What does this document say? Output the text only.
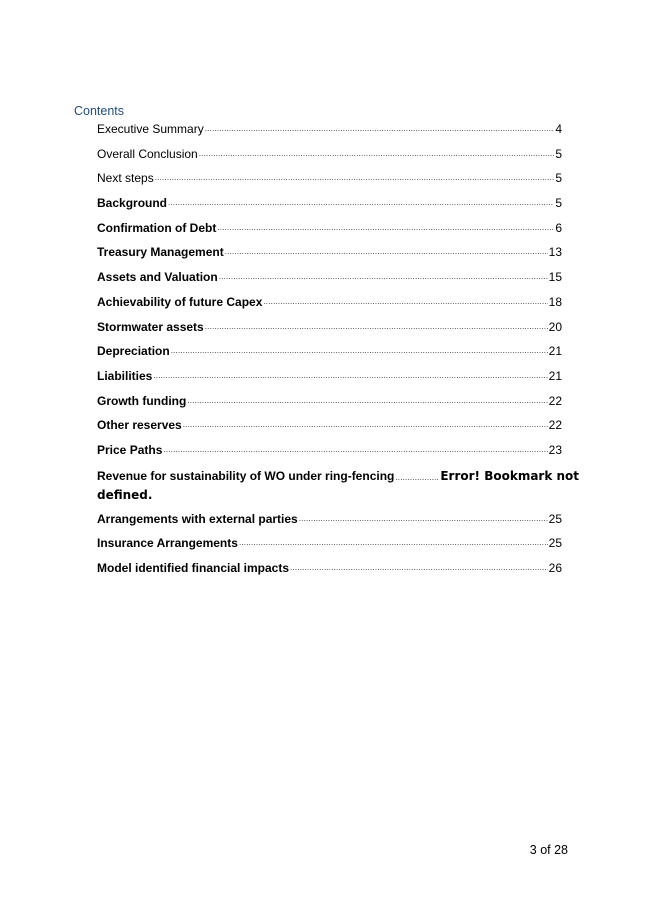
Contents
Executive Summary .....	4
Overall Conclusion .....	5
Next steps .....	5
Background .....	5
Confirmation of Debt .....	6
Treasury Management .....	13
Assets and Valuation .....	15
Achievability of future Capex .....	18
Stormwater assets .....	20
Depreciation .....	21
Liabilities .....	21
Growth funding .....	22
Other reserves .....	22
Price Paths .....	23
Revenue for sustainability of WO under ring-fencing .....	Error! Bookmark not
defined.
Arrangements with external parties .....	25
Insurance Arrangements .....	25
Model identified financial impacts .....	26
3 of 28
